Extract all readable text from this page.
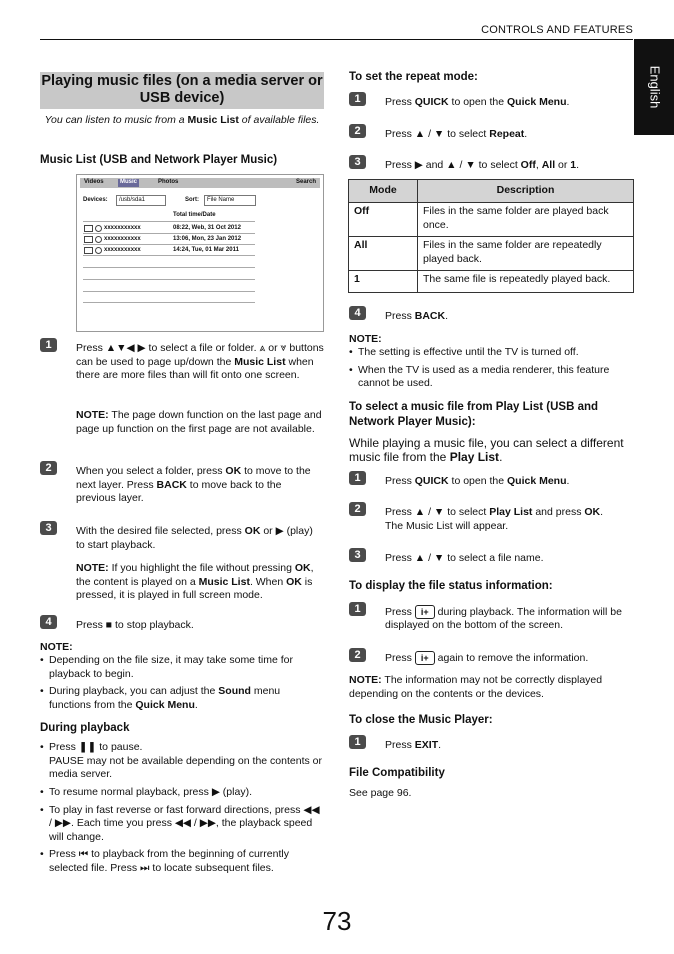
CONTROLS AND FEATURES
English
Playing music files (on a media server or USB device)
You can listen to music from a Music List of available files.
Music List (USB and Network Player Music)
Videos	Music	Photos	Search
Devices:	/usb/sda1	Sort:	File Name
Total time/Date
xxxxxxxxxxx	08:22, Web, 31 Oct 2012
xxxxxxxxxxx	13:06, Mon, 23 Jan 2012
xxxxxxxxxxx	14:24, Tue, 01 Mar 2011
1	Press ▲▼◀ ▶ to select a file or folder. ⩓ or ⩔ buttons can be used to page up/down the Music List when there are more files than will fit onto one screen.
NOTE: The page down function on the last page and page up function on the first page are not available.
2	When you select a folder, press OK to move to the next layer. Press BACK to move back to the previous layer.
3	With the desired file selected, press OK or ▶ (play) to start playback.
NOTE: If you highlight the file without pressing OK, the content is played on a Music List. When OK is pressed, it is played in full screen mode.
4	Press ■ to stop playback.
NOTE:
• Depending on the file size, it may take some time for playback to begin.
• During playback, you can adjust the Sound menu functions from the Quick Menu.
During playback
• Press ❚❚ to pause.
PAUSE may not be available depending on the contents or media server.
• To resume normal playback, press ▶ (play).
• To play in fast reverse or fast forward directions, press ◀◀ / ▶▶. Each time you press ◀◀ / ▶▶, the playback speed will change.
• Press ⏮ to playback from the beginning of currently selected file. Press ⏭ to locate subsequent files.
To set the repeat mode:
1	Press QUICK to open the Quick Menu.
2	Press ▲ / ▼ to select Repeat.
3	Press ▶ and ▲ / ▼ to select Off, All or 1.
Mode	Description
Off	Files in the same folder are played back once.
All	Files in the same folder are repeatedly played back.
1	The same file is repeatedly played back.
4	Press BACK.
NOTE:
• The setting is effective until the TV is turned off.
• When the TV is used as a media renderer, this feature cannot be used.
To select a music file from Play List (USB and Network Player Music):
While playing a music file, you can select a different music file from the Play List.
1	Press QUICK to open the Quick Menu.
2	Press ▲ / ▼ to select Play List and press OK.
The Music List will appear.
3	Press ▲ / ▼ to select a file name.
To display the file status information:
1	Press i+ during playback. The information will be displayed on the bottom of the screen.
2	Press i+ again to remove the information.
NOTE: The information may not be correctly displayed depending on the contents or the devices.
To close the Music Player:
1	Press EXIT.
File Compatibility
See page 96.
73
